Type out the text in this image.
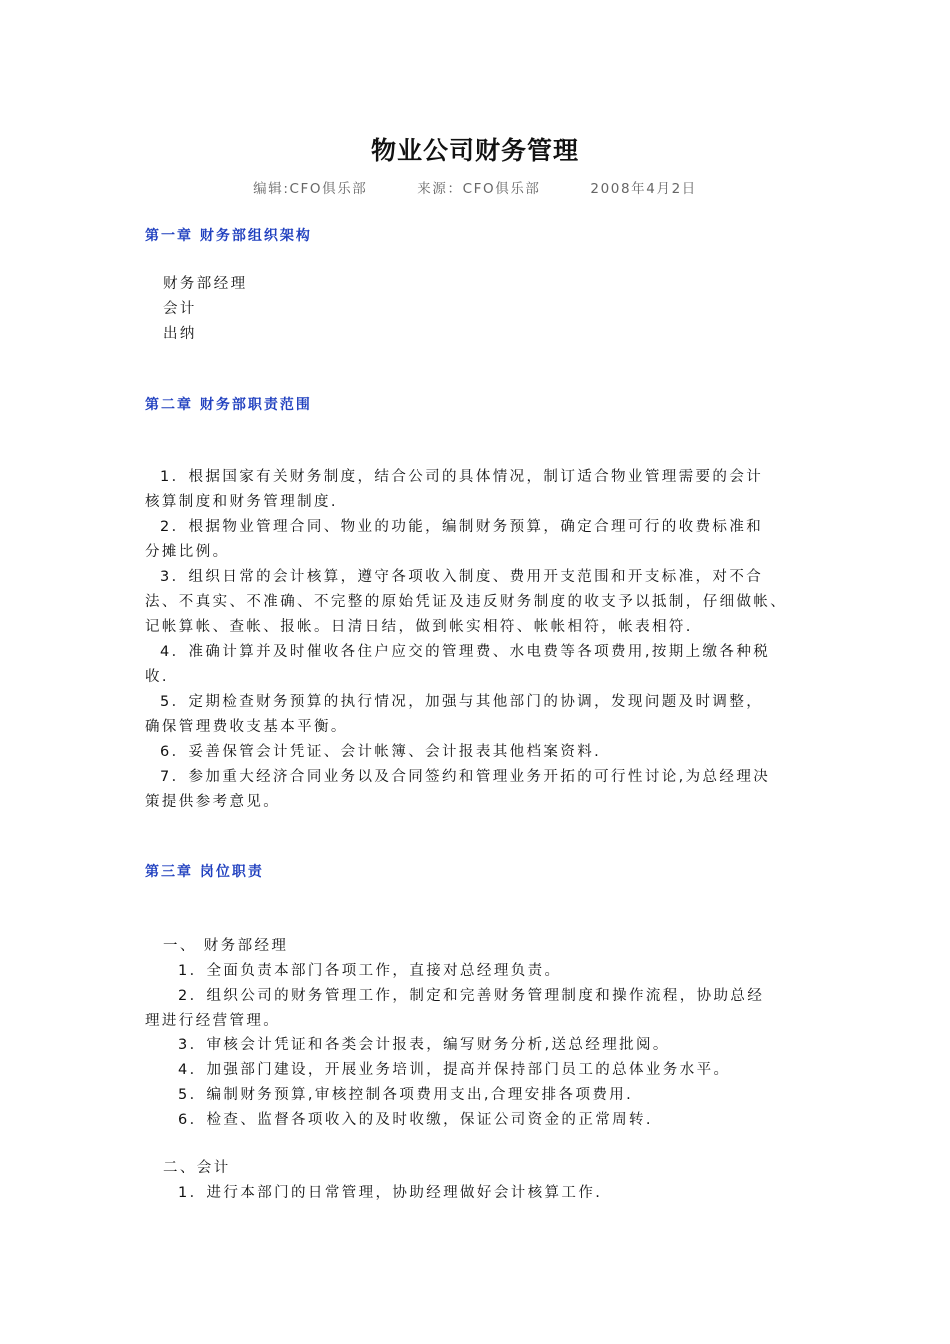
物业公司财务管理
编辑:CFO俱乐部	来源：CFO俱乐部	2008年4月2日
第一章 财务部组织架构
财务部经理
会计
出纳
第二章 财务部职责范围
1．根据国家有关财务制度，结合公司的具体情况，制订适合物业管理需要的会计
核算制度和财务管理制度.
2．根据物业管理合同、物业的功能，编制财务预算，确定合理可行的收费标准和
分摊比例。
3．组织日常的会计核算，遵守各项收入制度、费用开支范围和开支标准，对不合
法、不真实、不准确、不完整的原始凭证及违反财务制度的收支予以抵制，仔细做帐、
记帐算帐、查帐、报帐。日清日结，做到帐实相符、帐帐相符，帐表相符.
4．准确计算并及时催收各住户应交的管理费、水电费等各项费用,按期上缴各种税
收.
5．定期检查财务预算的执行情况，加强与其他部门的协调，发现问题及时调整，
确保管理费收支基本平衡。
6．妥善保管会计凭证、会计帐簿、会计报表其他档案资料.
7．参加重大经济合同业务以及合同签约和管理业务开拓的可行性讨论,为总经理决
策提供参考意见。
第三章 岗位职责
一、 财务部经理
1．全面负责本部门各项工作，直接对总经理负责。
2．组织公司的财务管理工作，制定和完善财务管理制度和操作流程，协助总经
理进行经营管理。
3．审核会计凭证和各类会计报表，编写财务分析,送总经理批阅。
4．加强部门建设，开展业务培训，提高并保持部门员工的总体业务水平。
5．编制财务预算,审核控制各项费用支出,合理安排各项费用.
6．检查、监督各项收入的及时收缴，保证公司资金的正常周转.
二、会计
1．进行本部门的日常管理，协助经理做好会计核算工作.
